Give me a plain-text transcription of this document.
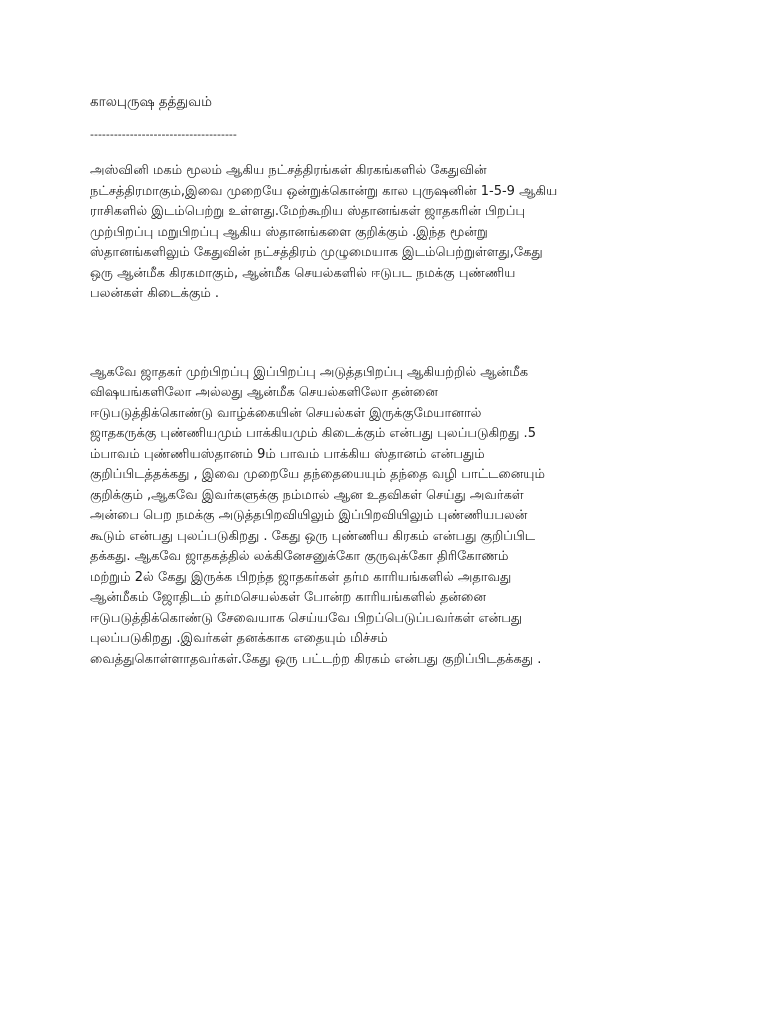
காலபுருஷ தத்துவம்
-------------------------------------

அஸ்வினி மகம் மூலம் ஆகிய நட்சத்திரங்கள் கிரகங்களில் கேதுவின்
நட்சத்திரமாகும்,இவை முறையே ஒன்றுக்கொன்று கால புருஷனின் 1-5-9 ஆகிய
ராசிகளில் இடம்பெற்று உள்ளது.மேற்கூறிய ஸ்தானங்கள் ஜாதகரின் பிறப்பு
முற்பிறப்பு மறுபிறப்பு ஆகிய ஸ்தானங்களை குறிக்கும் .இந்த மூன்று
ஸ்தானங்களிலும் கேதுவின் நட்சத்திரம் முழுமையாக இடம்பெற்றுள்ளது,கேது
ஒரு ஆன்மீக கிரகமாகும், ஆன்மீக செயல்களில் ஈடுபட நமக்கு புண்ணிய
பலன்கள் கிடைக்கும் .

ஆகவே ஜாதகர் முற்பிறப்பு இப்பிறப்பு அடுத்தபிறப்பு ஆகியற்றில் ஆன்மீக
விஷயங்களிலோ அல்லது ஆன்மீக செயல்களிலோ தன்னை
ஈடுபடுத்திக்கொண்டு வாழ்க்கையின் செயல்கள் இருக்குமேயானால்
ஜாதகருக்கு புண்ணியமும் பாக்கியமும் கிடைக்கும் என்பது புலப்படுகிறது .5
ம்பாவம் புண்ணியஸ்தானம் 9ம் பாவம் பாக்கிய ஸ்தானம் என்பதும்
குறிப்பிடத்தக்கது , இவை முறையே தந்தையையும் தந்தை வழி பாட்டனையும்
குறிக்கும் ,ஆகவே இவர்களுக்கு நம்மால் ஆன உதவிகள் செய்து அவர்கள்
அன்பை பெற நமக்கு அடுத்தபிறவியிலும் இப்பிறவியிலும் புண்ணியபலன்
கூடும் என்பது புலப்படுகிறது . கேது ஒரு புண்ணிய கிரகம் என்பது குறிப்பிட
தக்கது. ஆகவே ஜாதகத்தில் லக்கினேசனுக்கோ குருவுக்கோ திரிகோணம்
மற்றும் 2ல் கேது இருக்க பிறந்த ஜாதகர்கள் தர்ம காரியங்களில் அதாவது
ஆன்மீகம் ஜோதிடம் தர்மசெயல்கள் போன்ற காரியங்களில் தன்னை
ஈடுபடுத்திக்கொண்டு சேவையாக செய்யவே பிறப்பெடுப்பவர்கள் என்பது
புலப்படுகிறது .இவர்கள் தனக்காக எதையும் மிச்சம்
வைத்துகொள்ளாதவர்கள்.கேது ஒரு பட்டற்ற கிரகம் என்பது குறிப்பிடதக்கது .
